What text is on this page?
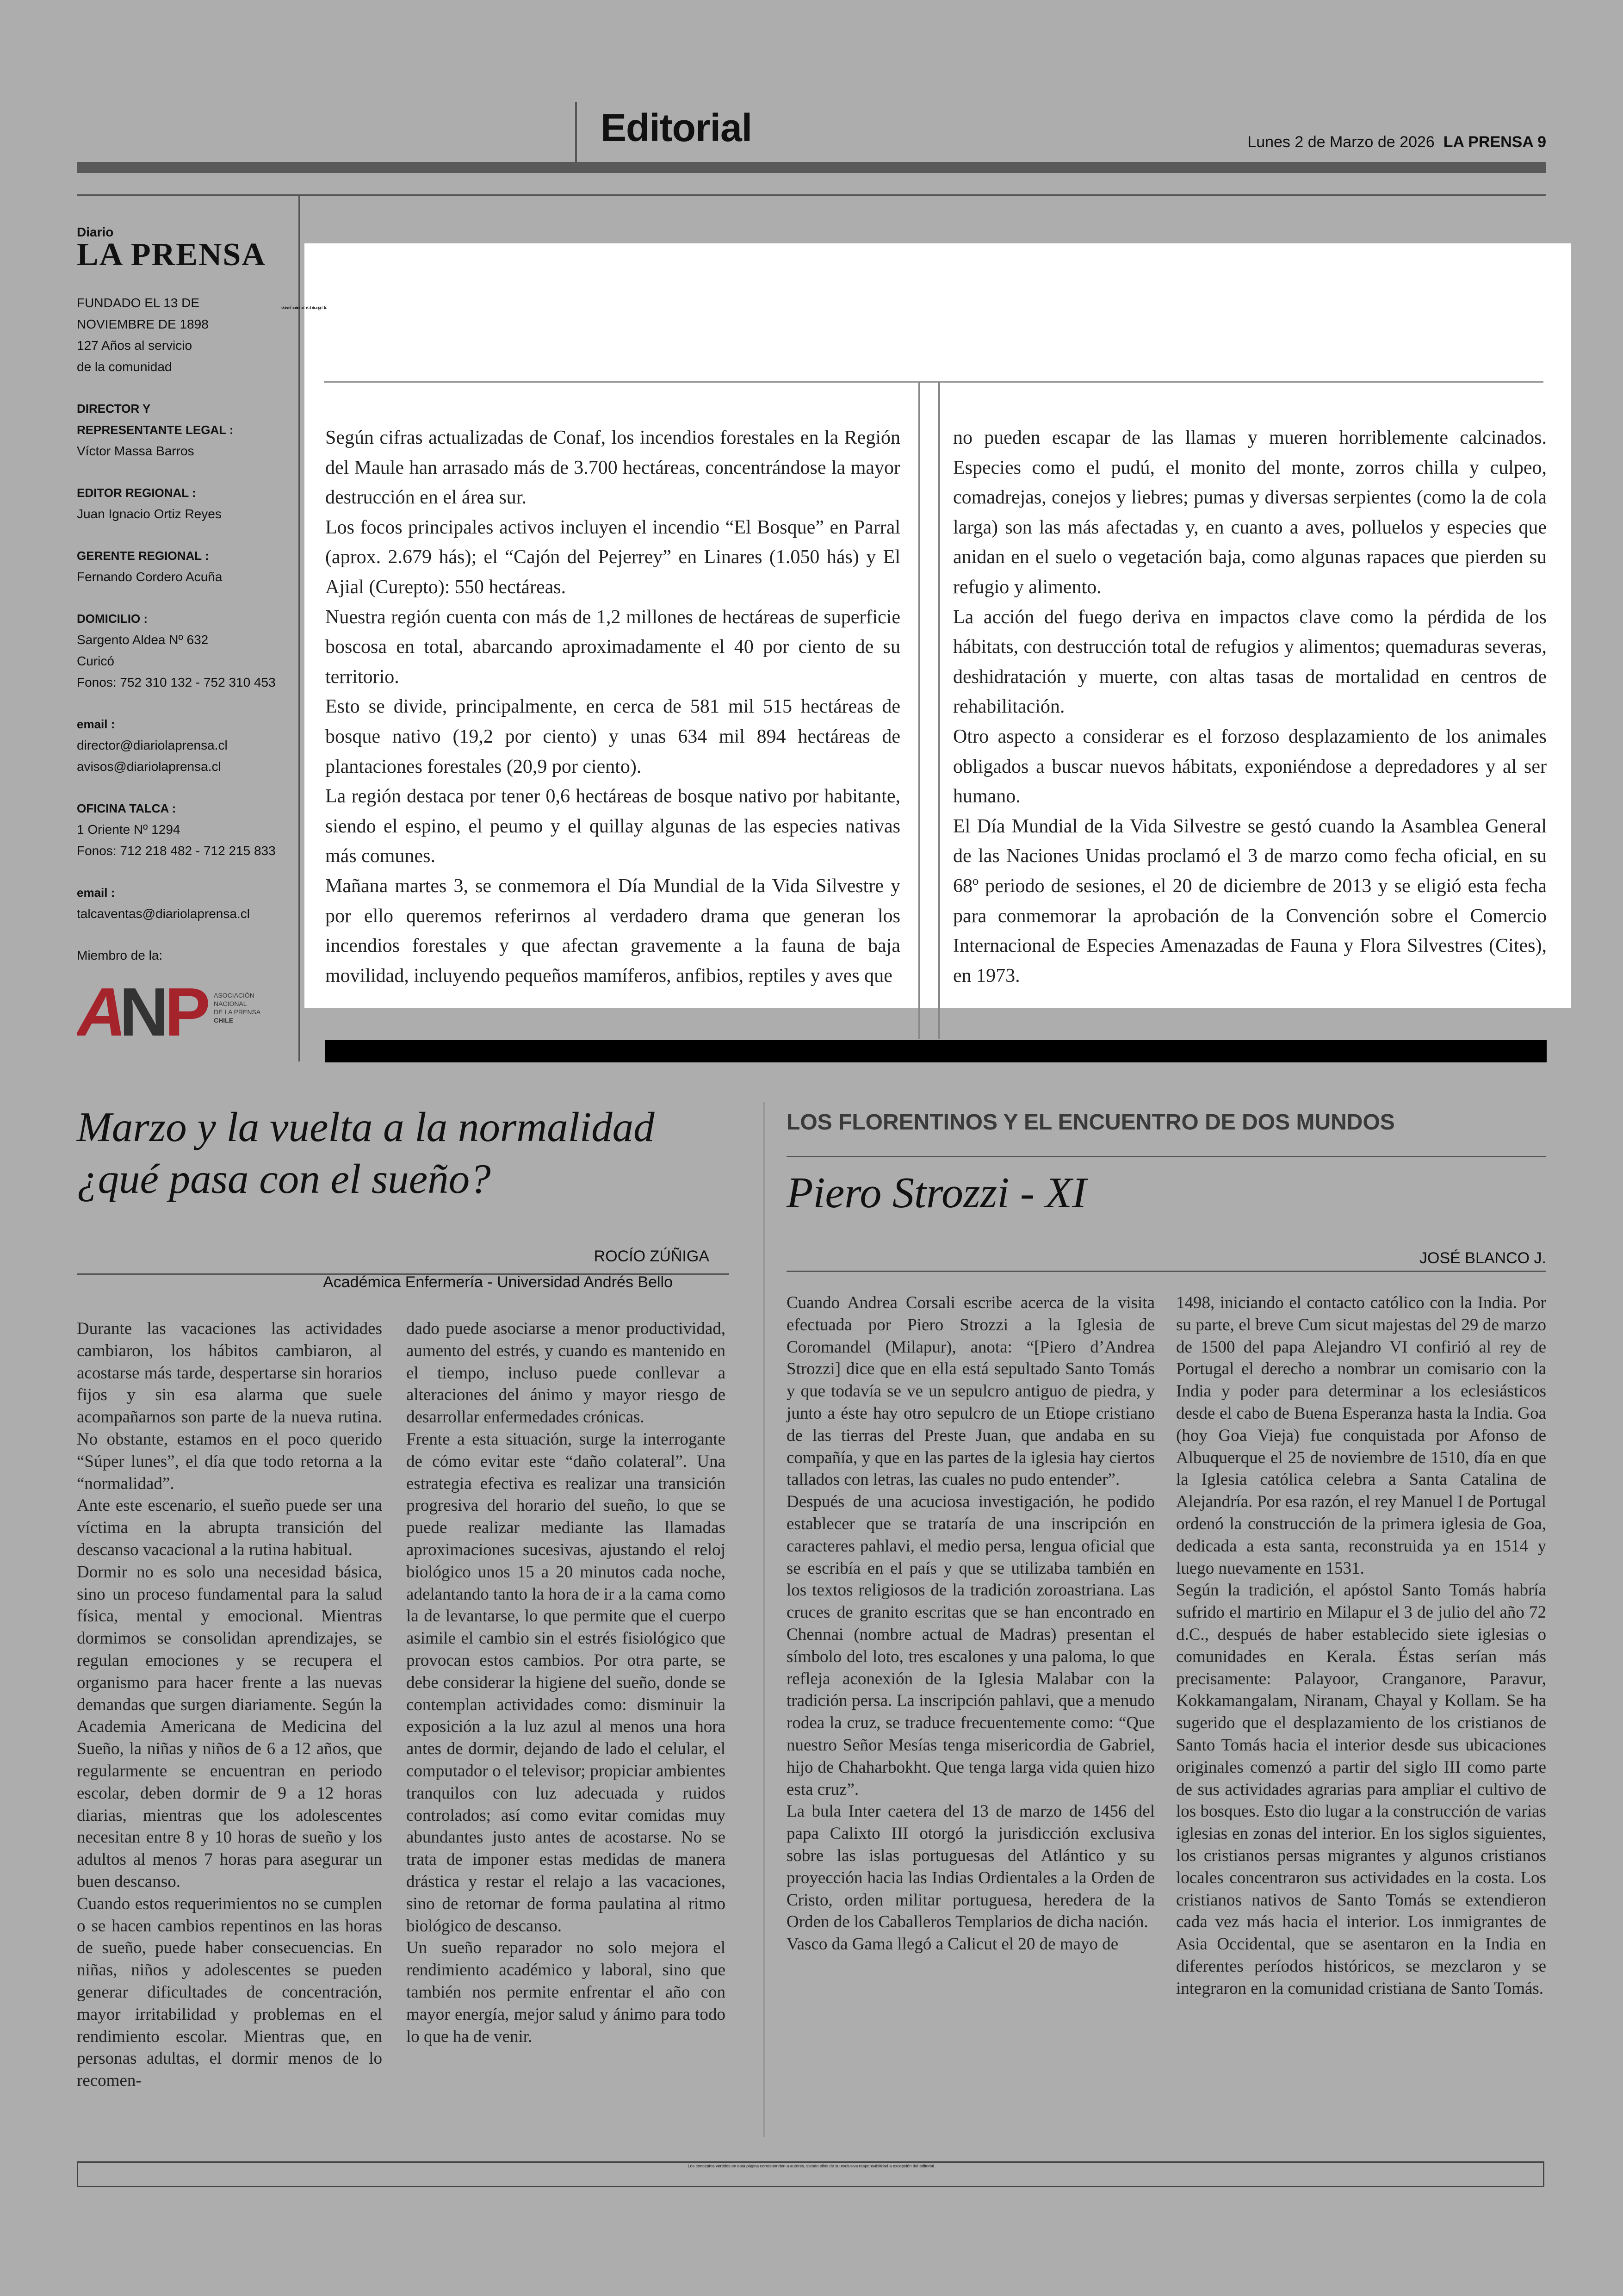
Editorial	Lunes 2 de Marzo de 2026 LA PRENSA 9
Diario
LA PRENSA
FUNDADO EL 13 DE
NOVIEMBRE DE 1898
127 Años al servicio
de la comunidad
DIRECTOR Y
REPRESENTANTE LEGAL :
Víctor Massa Barros
EDITOR REGIONAL :
Juan Ignacio Ortiz Reyes
GERENTE REGIONAL :
Fernando Cordero Acuña
DOMICILIO :
Sargento Aldea Nº 632
Curicó
Fonos: 752 310 132 - 752 310 453
email :
director@diariolaprensa.cl
avisos@diariolaprensa.cl
OFICINA TALCA :
1 Oriente Nº 1294
Fonos: 712 218 482 - 712 215 833
email :
talcaventas@diariolaprensa.cl
Miembro de la:
A
N
P ASOCIACIÓN
NACIONAL
DE LA PRENSA
CHILE

Según cifras actualizadas de Conaf, los incendios forestales en la Región del Maule han arrasado más de 3.700 hectáreas, concentrándose la mayor destrucción en el área sur.

Los focos principales activos incluyen el incendio “El Bosque” en Parral (aprox. 2.679 hás); el “Cajón del Pejerrey” en Linares (1.050 hás) y El Ajial (Curepto): 550 hectáreas.

Nuestra región cuenta con más de 1,2 millones de hectáreas de superficie boscosa en total, abarcando aproximadamente el 40 por ciento de su territorio.

Esto se divide, principalmente, en cerca de 581 mil 515 hectáreas de bosque nativo (19,2 por ciento) y unas 634 mil 894 hectáreas de plantaciones forestales (20,9 por ciento).

La región destaca por tener 0,6 hectáreas de bosque nativo por habitante, siendo el espino, el peumo y el quillay algunas de las especies nativas más comunes.

Mañana martes 3, se conmemora el Día Mundial de la Vida Silvestre y por ello queremos referirnos al verdadero drama que generan los incendios forestales y que afectan gravemente a la fauna de baja movilidad, incluyendo pequeños mamíferos, anfibios, reptiles y aves que

no pueden escapar de las llamas y mueren horriblemente calcinados. Especies como el pudú, el monito del monte, zorros chilla y culpeo, comadrejas, conejos y liebres; pumas y diversas serpientes (como la de cola larga) son las más afectadas y, en cuanto a aves, polluelos y especies que anidan en el suelo o vegetación baja, como algunas rapaces que pierden su refugio y alimento.

La acción del fuego deriva en impactos clave como la pérdida de los hábitats, con destrucción total de refugios y alimentos; quemaduras severas, deshidratación y muerte, con altas tasas de mortalidad en centros de rehabilitación.

Otro aspecto a considerar es el forzoso desplazamiento de los animales obligados a buscar nuevos hábitats, exponiéndose a depredadores y al ser humano.

El Día Mundial de la Vida Silvestre se gestó cuando la Asamblea General de las Naciones Unidas proclamó el 3 de marzo como fecha oficial, en su 68º periodo de sesiones, el 20 de diciembre de 2013 y se eligió esta fecha para conmemorar la aprobación de la Convención sobre el Comercio Internacional de Especies Amenazadas de Fauna y Flora Silvestres (Cites), en 1973.

Marzo y la vuelta a la normalidad
¿qué pasa con el sueño?
ROCÍO ZÚÑIGA
Académica Enfermería - Universidad Andrés Bello

Durante las vacaciones las actividades cambiaron, los hábitos cambiaron, al acostarse más tarde, despertarse sin horarios fijos y sin esa alarma que suele acompañarnos son parte de la nueva rutina. No obstante, estamos en el poco querido “Súper lunes”, el día que todo retorna a la “normalidad”.

Ante este escenario, el sueño puede ser una víctima en la abrupta transición del descanso vacacional a la rutina habitual.

Dormir no es solo una necesidad básica, sino un proceso fundamental para la salud física, mental y emocional. Mientras dormimos se consolidan aprendizajes, se regulan emociones y se recupera el organismo para hacer frente a las nuevas demandas que surgen diariamente. Según la Academia Americana de Medicina del Sueño, la niñas y niños de 6 a 12 años, que regularmente se encuentran en periodo escolar, deben dormir de 9 a 12 horas diarias, mientras que los adolescentes necesitan entre 8 y 10 horas de sueño y los adultos al menos 7 horas para asegurar un buen descanso.

Cuando estos requerimientos no se cumplen o se hacen cambios repentinos en las horas de sueño, puede haber consecuencias. En niñas, niños y adolescentes se pueden generar dificultades de concentración, mayor irritabilidad y problemas en el rendimiento escolar. Mientras que, en personas adultas, el dormir menos de lo recomen-

dado puede asociarse a menor productividad, aumento del estrés, y cuando es mantenido en el tiempo, incluso puede conllevar a alteraciones del ánimo y mayor riesgo de desarrollar enfermedades crónicas.

Frente a esta situación, surge la interrogante de cómo evitar este “daño colateral”. Una estrategia efectiva es realizar una transición progresiva del horario del sueño, lo que se puede realizar mediante las llamadas aproximaciones sucesivas, ajustando el reloj biológico unos 15 a 20 minutos cada noche, adelantando tanto la hora de ir a la cama como la de levantarse, lo que permite que el cuerpo asimile el cambio sin el estrés fisiológico que provocan estos cambios. Por otra parte, se debe considerar la higiene del sueño, donde se contemplan actividades como: disminuir la exposición a la luz azul al menos una hora antes de dormir, dejando de lado el celular, el computador o el televisor; propiciar ambientes tranquilos con luz adecuada y ruidos controlados; así como evitar comidas muy abundantes justo antes de acostarse. No se trata de imponer estas medidas de manera drástica y restar el relajo a las vacaciones, sino de retornar de forma paulatina al ritmo biológico de descanso.

Un sueño reparador no solo mejora el rendimiento académico y laboral, sino que también nos permite enfrentar el año con mayor energía, mejor salud y ánimo para todo lo que ha de venir.

LOS FLORENTINOS Y EL ENCUENTRO DE DOS MUNDOS
Piero Strozzi - XI
JOSÉ BLANCO J.

Cuando Andrea Corsali escribe acerca de la visita efectuada por Piero Strozzi a la Iglesia de Coromandel (Milapur), anota: “[Piero d’Andrea Strozzi] dice que en ella está sepultado Santo Tomás y que todavía se ve un sepulcro antiguo de piedra, y junto a éste hay otro sepulcro de un Etiope cristiano de las tierras del Preste Juan, que andaba en su compañía, y que en las partes de la iglesia hay ciertos tallados con letras, las cuales no pudo entender”.

Después de una acuciosa investigación, he podido establecer que se trataría de una inscripción en caracteres pahlavi, el medio persa, lengua oficial que se escribía en el país y que se utilizaba también en los textos religiosos de la tradición zoroastriana. Las cruces de granito escritas que se han encontrado en Chennai (nombre actual de Madras) presentan el símbolo del loto, tres escalones y una paloma, lo que refleja aconexión de la Iglesia Malabar con la tradición persa. La inscripción pahlavi, que a menudo rodea la cruz, se traduce frecuentemente como: “Que nuestro Señor Mesías tenga misericordia de Gabriel, hijo de Chaharbokht. Que tenga larga vida quien hizo esta cruz”.

La bula Inter caetera del 13 de marzo de 1456 del papa Calixto III otorgó la jurisdicción exclusiva sobre las islas portuguesas del Atlántico y su proyección hacia las Indias Ordientales a la Orden de Cristo, orden militar portuguesa, heredera de la Orden de los Caballeros Templarios de dicha nación.

Vasco da Gama llegó a Calicut el 20 de mayo de

1498, iniciando el contacto católico con la India. Por su parte, el breve Cum sicut majestas del 29 de marzo de 1500 del papa Alejandro VI confirió al rey de Portugal el derecho a nombrar un comisario con la India y poder para determinar a los eclesiásticos desde el cabo de Buena Esperanza hasta la India. Goa (hoy Goa Vieja) fue conquistada por Afonso de Albuquerque el 25 de noviembre de 1510, día en que la Iglesia católica celebra a Santa Catalina de Alejandría. Por esa razón, el rey Manuel I de Portugal ordenó la construcción de la primera iglesia de Goa, dedicada a esta santa, reconstruida ya en 1514 y luego nuevamente en 1531.

Según la tradición, el apóstol Santo Tomás habría sufrido el martirio en Milapur el 3 de julio del año 72 d.C., después de haber establecido siete iglesias o comunidades en Kerala. Éstas serían más precisamente: Palayoor, Cranganore, Paravur, Kokkamangalam, Niranam, Chayal y Kollam. Se ha sugerido que el desplazamiento de los cristianos de Santo Tomás hacia el interior desde sus ubicaciones originales comenzó a partir del siglo III como parte de sus actividades agrarias para ampliar el cultivo de los bosques. Esto dio lugar a la construcción de varias iglesias en zonas del interior. En los siglos siguientes, los cristianos persas migrantes y algunos cristianos locales concentraron sus actividades en la costa. Los cristianos nativos de Santo Tomás se extendieron cada vez más hacia el interior. Los inmigrantes de Asia Occidental, que se asentaron en la India en diferentes períodos históricos, se mezclaron y se integraron en la comunidad cristiana de Santo Tomás.

Los conceptos vertidos en esta página corresponden a autores, siendo ellos de su exclusiva responsabilidad a excepción del editorial.
